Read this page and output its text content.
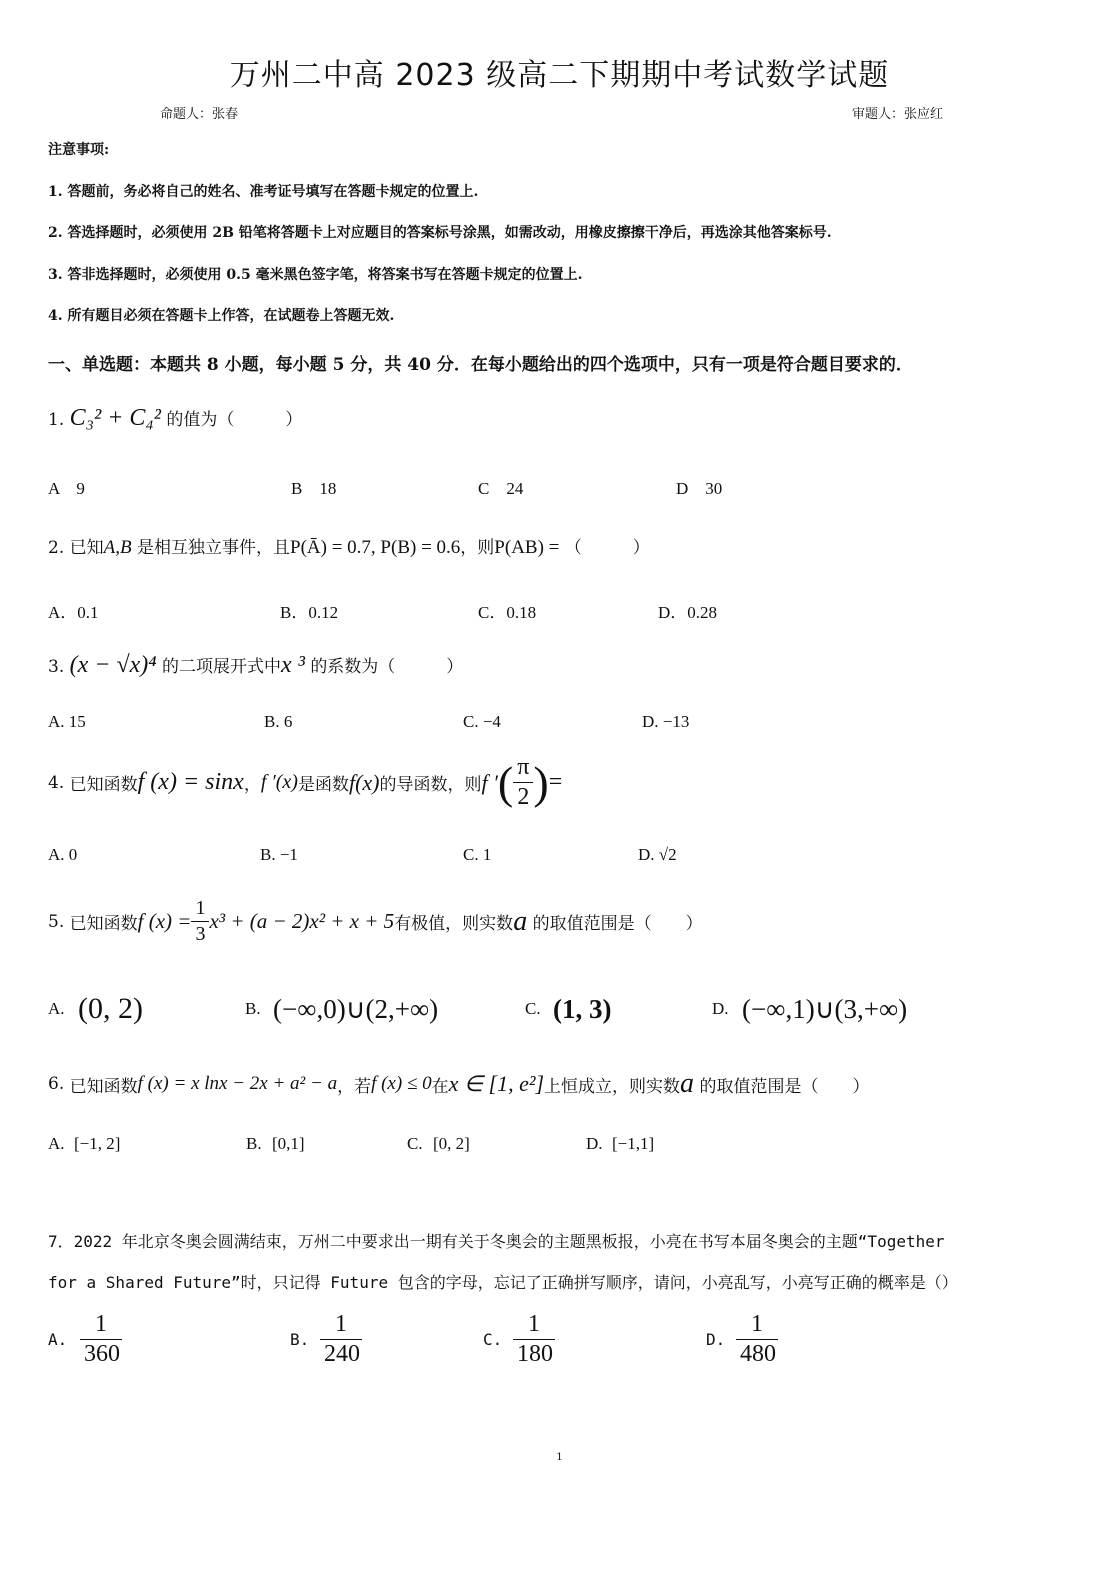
万州二中高 2023 级高二下期期中考试数学试题
命题人：张春	审题人：张应红
注意事项:
1. 答题前，务必将自己的姓名、准考证号填写在答题卡规定的位置上.
2. 答选择题时，必须使用 2B 铅笔将答题卡上对应题目的答案标号涂黑，如需改动，用橡皮擦擦干净后，再选涂其他答案标号.
3. 答非选择题时，必须使用 0.5 毫米黑色签字笔，将答案书写在答题卡规定的位置上.
4. 所有题目必须在答题卡上作答，在试题卷上答题无效.
一、单选题：本题共 8 小题，每小题 5 分，共 40 分．在每小题给出的四个选项中，只有一项是符合题目要求的．
1. C₃² + C₄² 的值为（　　　）
A　9	B　18	C　24	D　30
2. 已知A,B 是相互独立事件，且P(Ā) = 0.7, P(B) = 0.6，则P(AB) = （　　　）
A．0.1	B．0.12	C．0.18	D．0.28
3. (x − √x)⁴ 的二项展开式中x ³ 的系数为（　　　）
A. 15	B. 6	C. −4	D. −13
4.
已知函数 f (x) = sinx ， f ′(x) 是函数 f(x) 的导函数，则 f ′ ( $\frac{\pi}{2}$ ) =
A. 0	B. −1	C. 1	D. √2
5.
已知函数 f $(x) = \frac{1}{3} x^3 + (a - 2)x^2 + x + 5$ 有极值，则实数 a
的取值范围是（　　）
A. (0, 2)	B. (−∞,0)∪(2,+∞)	C. (1, 3)	D. (−∞,1)∪(3,+∞)
6.
已知函数 f (x) = x lnx − 2x + a² − a ，若 f (x) ≤ 0 在 x ∈ [1, e²] 上恒成立，则实数 a
的取值范围是（　　）
A. [−1, 2]	B. [0,1]	C. [0, 2]	D. [−1,1]
7．2022 年北京冬奥会圆满结束，万州二中要求出一期有关于冬奥会的主题黑板报，小亮在书写本届冬奥会的主题“Together
for a Shared Future”时，只记得 Future 包含的字母，忘记了正确拼写顺序，请问，小亮乱写，小亮写正确的概率是（）
A. $\frac{1}{360} B$. $\frac{1}{240} C$. $\frac{1}{180} D$. $\frac{1}{480}$
1
